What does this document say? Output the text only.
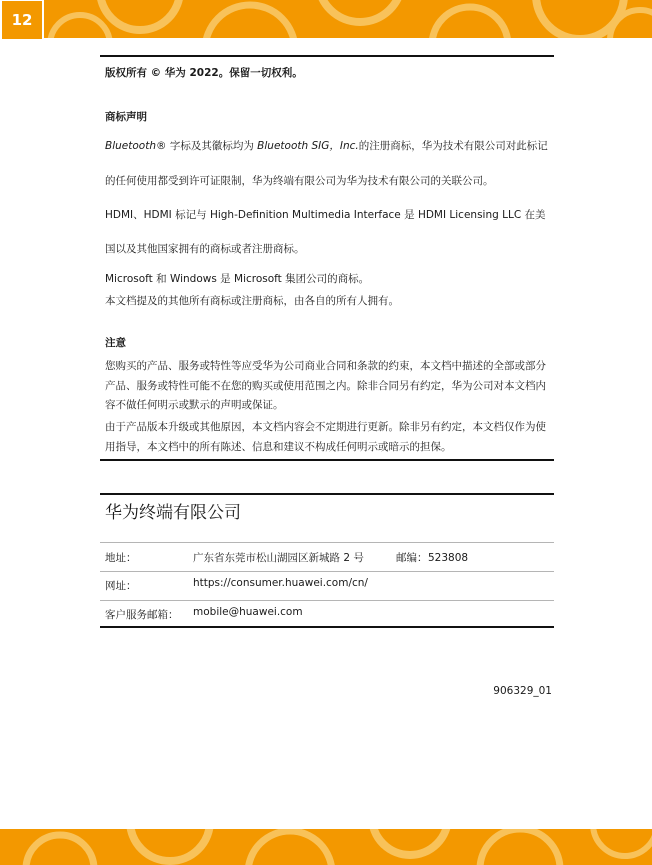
12
版权所有 © 华为 2022。保留一切权利。
商标声明
Bluetooth® 字标及其徽标均为 Bluetooth SIG，Inc.的注册商标，华为技术有限公司对此标记
的任何使用都受到许可证限制，华为终端有限公司为华为技术有限公司的关联公司。
HDMI、HDMI 标记与 High-Definition Multimedia Interface 是 HDMI Licensing LLC 在美
国以及其他国家拥有的商标或者注册商标。
Microsoft 和 Windows 是 Microsoft 集团公司的商标。
本文档提及的其他所有商标或注册商标，由各自的所有人拥有。
注意
您购买的产品、服务或特性等应受华为公司商业合同和条款的约束，本文档中描述的全部或部分产品、服务或特性可能不在您的购买或使用范围之内。除非合同另有约定，华为公司对本文档内容不做任何明示或默示的声明或保证。
由于产品版本升级或其他原因，本文档内容会不定期进行更新。除非另有约定，本文档仅作为使用指导，本文档中的所有陈述、信息和建议不构成任何明示或暗示的担保。
华为终端有限公司
地址：	广东省东莞市松山湖园区新城路 2 号	邮编： 523808
网址：	https://consumer.huawei.com/cn/
客户服务邮箱： mobile@huawei.com
906329_01
